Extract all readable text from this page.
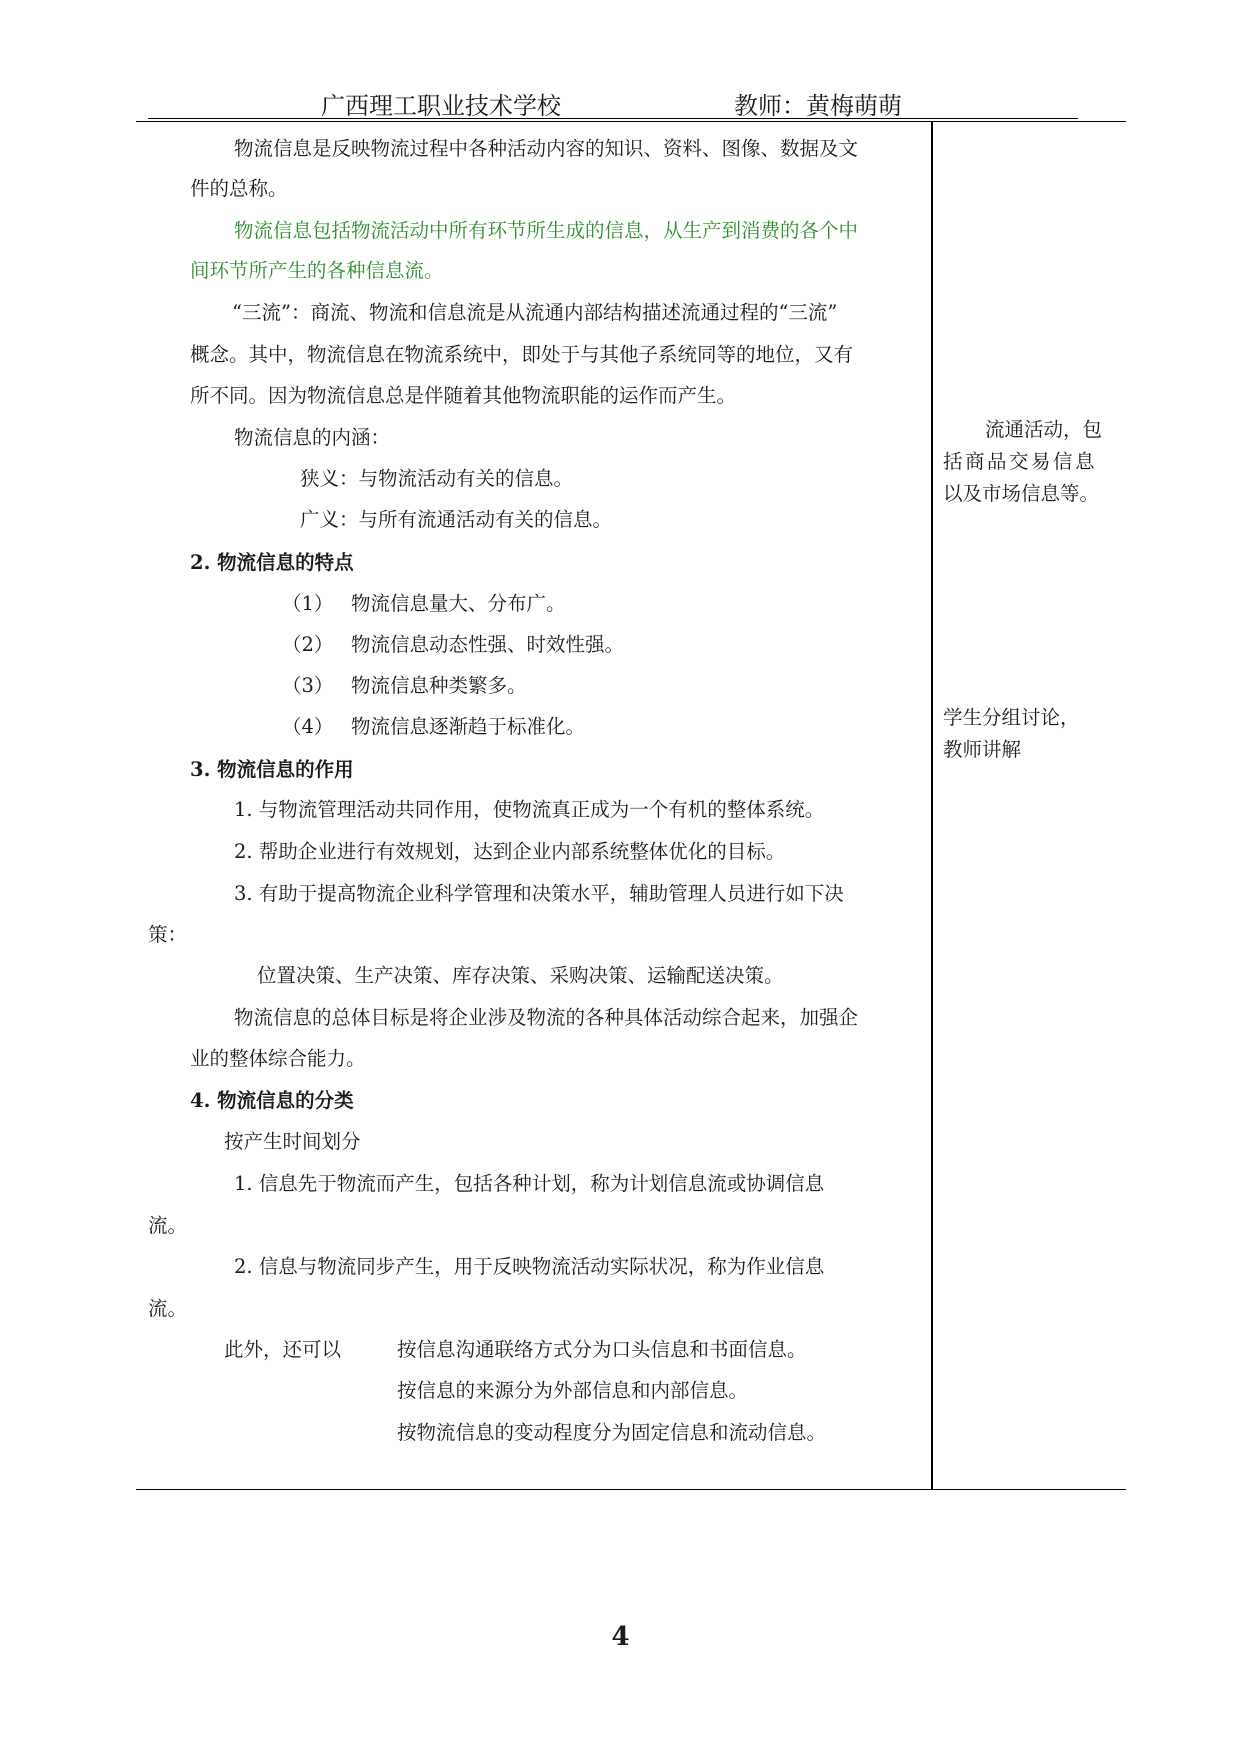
广西理工职业技术学校	教师：黄梅萌萌
物流信息是反映物流过程中各种活动内容的知识、资料、图像、数据及文
件的总称。
物流信息包括物流活动中所有环节所生成的信息，从生产到消费的各个中
间环节所产生的各种信息流。
“三流”：商流、物流和信息流是从流通内部结构描述流通过程的“三流”
概念。其中，物流信息在物流系统中，即处于与其他子系统同等的地位，又有
所不同。因为物流信息总是伴随着其他物流职能的运作而产生。
物流信息的内涵：
狭义：与物流活动有关的信息。
广义：与所有流通活动有关的信息。
2. 物流信息的特点
（1） 物流信息量大、分布广。
（2） 物流信息动态性强、时效性强。
（3） 物流信息种类繁多。
（4） 物流信息逐渐趋于标准化。
3. 物流信息的作用
1. 与物流管理活动共同作用，使物流真正成为一个有机的整体系统。
2. 帮助企业进行有效规划，达到企业内部系统整体优化的目标。
3. 有助于提高物流企业科学管理和决策水平，辅助管理人员进行如下决
策：
位置决策、生产决策、库存决策、采购决策、运输配送决策。
物流信息的总体目标是将企业涉及物流的各种具体活动综合起来，加强企
业的整体综合能力。
4. 物流信息的分类
按产生时间划分
1. 信息先于物流而产生，包括各种计划，称为计划信息流或协调信息
流。
2. 信息与物流同步产生，用于反映物流活动实际状况，称为作业信息
流。
此外，还可以	按信息沟通联络方式分为口头信息和书面信息。
按信息的来源分为外部信息和内部信息。
按物流信息的变动程度分为固定信息和流动信息。
流通活动，包
括商品交易信息
以及市场信息等。
学生分组讨论，
教师讲解
4
